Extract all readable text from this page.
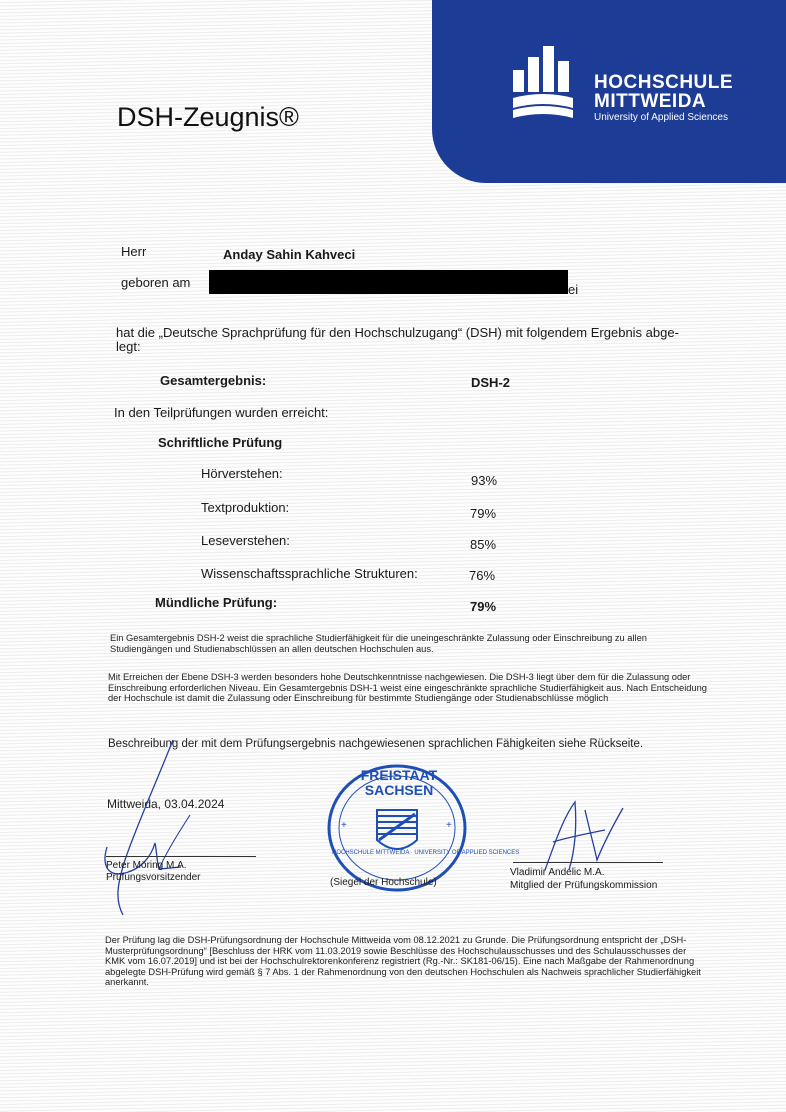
HOCHSCHULE
MITTWEIDA
University of Applied Sciences
DSH-Zeugnis®
Herr	Anday Sahin Kahveci
geboren am	ei
hat die „Deutsche Sprachprüfung für den Hochschulzugang“ (DSH) mit folgendem Ergebnis abge-
legt:
Gesamtergebnis:	DSH-2
In den Teilprüfungen wurden erreicht:
Schriftliche Prüfung
Hörverstehen:	93%
Textproduktion:	79%
Leseverstehen:	85%
Wissenschaftssprachliche Strukturen:	76%
Mündliche Prüfung:	79%
Ein Gesamtergebnis DSH-2 weist die sprachliche Studierfähigkeit für die uneingeschränkte Zulassung oder Einschreibung zu allen Studiengängen und Studienabschlüssen an allen deutschen Hochschulen aus.
Mit Erreichen der Ebene DSH-3 werden besonders hohe Deutschkenntnisse nachgewiesen. Die DSH-3 liegt über dem für die Zulassung oder Einschreibung erforderlichen Niveau. Ein Gesamtergebnis DSH-1 weist eine eingeschränkte sprachliche Studierfähigkeit aus. Nach Entscheidung der Hochschule ist damit die Zulassung oder Einschreibung für bestimmte Studiengänge oder Studienabschlüsse möglich
Beschreibung der mit dem Prüfungsergebnis nachgewiesenen sprachlichen Fähigkeiten siehe Rückseite.
Mittweida, 03.04.2024
Peter Möring M.A.
Prüfungsvorsitzender
+	+
FREISTAAT
SACHSEN
HOCHSCHULE MITTWEIDA · UNIVERSITY OF APPLIED SCIENCES
(Siegel der Hochschule)
Vladimir Andelic M.A.
Mitglied der Prüfungskommission
Der Prüfung lag die DSH-Prüfungsordnung der Hochschule Mittweida vom 08.12.2021 zu Grunde. Die Prüfungsordnung entspricht der „DSH-Musterprüfungsordnung“ [Beschluss der HRK vom 11.03.2019 sowie Beschlüsse des Hochschulausschusses und des Schulausschusses der KMK vom 16.07.2019] und ist bei der Hochschulrektorenkonferenz registriert (Rg.-Nr.: SK181-06/15). Eine nach Maßgabe der Rahmenordnung abgelegte DSH-Prüfung wird gemäß § 7 Abs. 1 der Rahmenordnung von den deutschen Hochschulen als Nachweis sprachlicher Studierfähigkeit anerkannt.
